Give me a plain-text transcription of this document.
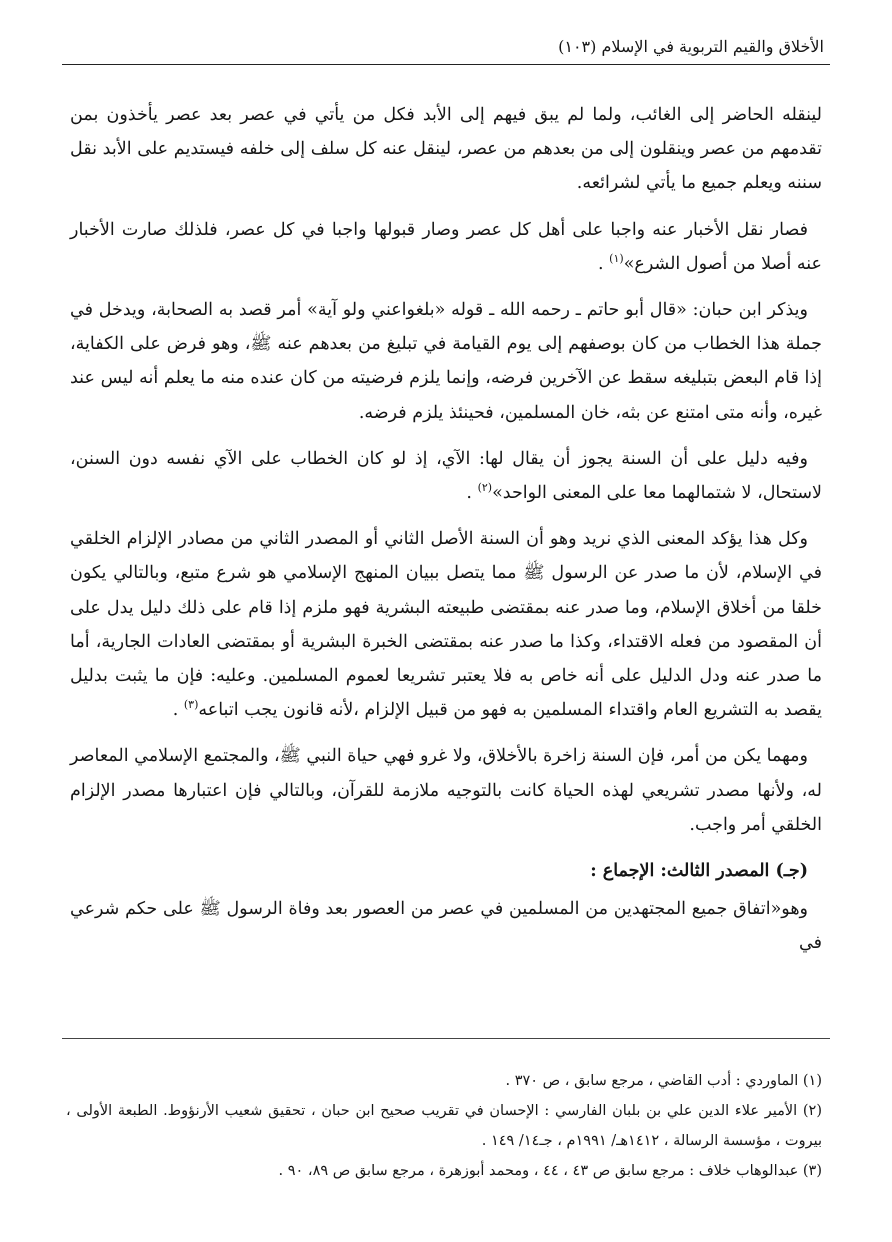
الأخلاق والقيم التربوية في الإسلام (١٠٣)

لينقله الحاضر إلى الغائب، ولما لم يبق فيهم إلى الأبد فكل من يأتي في عصر بعد عصر يأخذون بمن تقدمهم من عصر وينقلون إلى من بعدهم من عصر، لينقل عنه كل سلف إلى خلفه فيستديم على الأبد نقل سننه ويعلم جميع ما يأتي لشرائعه.

فصار نقل الأخبار عنه واجبا على أهل كل عصر وصار قبولها واجبا في كل عصر، فلذلك صارت الأخبار عنه أصلا من أصول الشرع»$^{(١)}$ .

ويذكر ابن حبان: «قال أبو حاتم ـ رحمه الله ـ قوله «بلغواعني ولو آية» أمر قصد به الصحابة، ويدخل في جملة هذا الخطاب من كان بوصفهم إلى يوم القيامة في تبليغ من بعدهم عنه ﷺ، وهو فرض على الكفاية، إذا قام البعض بتبليغه سقط عن الآخرين فرضه، وإنما يلزم فرضيته من كان عنده منه ما يعلم أنه ليس عند غيره، وأنه متى امتنع عن بثه، خان المسلمين، فحينئذ يلزم فرضه.

وفيه دليل على أن السنة يجوز أن يقال لها: الآي، إذ لو كان الخطاب على الآي نفسه دون السنن، لاستحال، لا شتمالهما معا على المعنى الواحد»$^{(٢)}$ .

وكل هذا يؤكد المعنى الذي نريد وهو أن السنة الأصل الثاني أو المصدر الثاني من مصادر الإلزام الخلقي في الإسلام، لأن ما صدر عن الرسول ﷺ مما يتصل ببيان المنهج الإسلامي هو شرع متبع، وبالتالي يكون خلقا من أخلاق الإسلام، وما صدر عنه بمقتضى طبيعته البشرية فهو ملزم إذا قام على ذلك دليل يدل على أن المقصود من فعله الاقتداء، وكذا ما صدر عنه بمقتضى الخبرة البشرية أو بمقتضى العادات الجارية، أما ما صدر عنه ودل الدليل على أنه خاص به فلا يعتبر تشريعا لعموم المسلمين. وعليه: فإن ما يثبت بدليل يقصد به التشريع العام واقتداء المسلمين به فهو من قبيل الإلزام ،لأنه قانون يجب اتباعه$^{(٣)}$ .

ومهما يكن من أمر، فإن السنة زاخرة بالأخلاق، ولا غرو فهي حياة النبي ﷺ، والمجتمع الإسلامي المعاصر له، ولأنها مصدر تشريعي لهذه الحياة كانت بالتوجيه ملازمة للقرآن، وبالتالي فإن اعتبارها مصدر الإلزام الخلقي أمر واجب.

(جـ) المصدر الثالث: الإجماع :

وهو«اتفاق جميع المجتهدين من المسلمين في عصر من العصور بعد وفاة الرسول ﷺ على حكم شرعي في

(١) الماوردي : أدب القاضي ، مرجع سابق ، ص ٣٧٠ .

(٢) الأمير علاء الدين علي بن بلبان الفارسي : الإحسان في تقريب صحيح ابن حبان ، تحقيق شعيب الأرنؤوط. الطبعة الأولى ، بيروت ، مؤسسة الرسالة ، ١٤١٢هـ/ ١٩٩١م ، جـ١٤/ ١٤٩ .

(٣) عبدالوهاب خلاف : مرجع سابق ص ٤٣ ، ٤٤ ، ومحمد أبوزهرة ، مرجع سابق ص ٨٩، ٩٠ .
